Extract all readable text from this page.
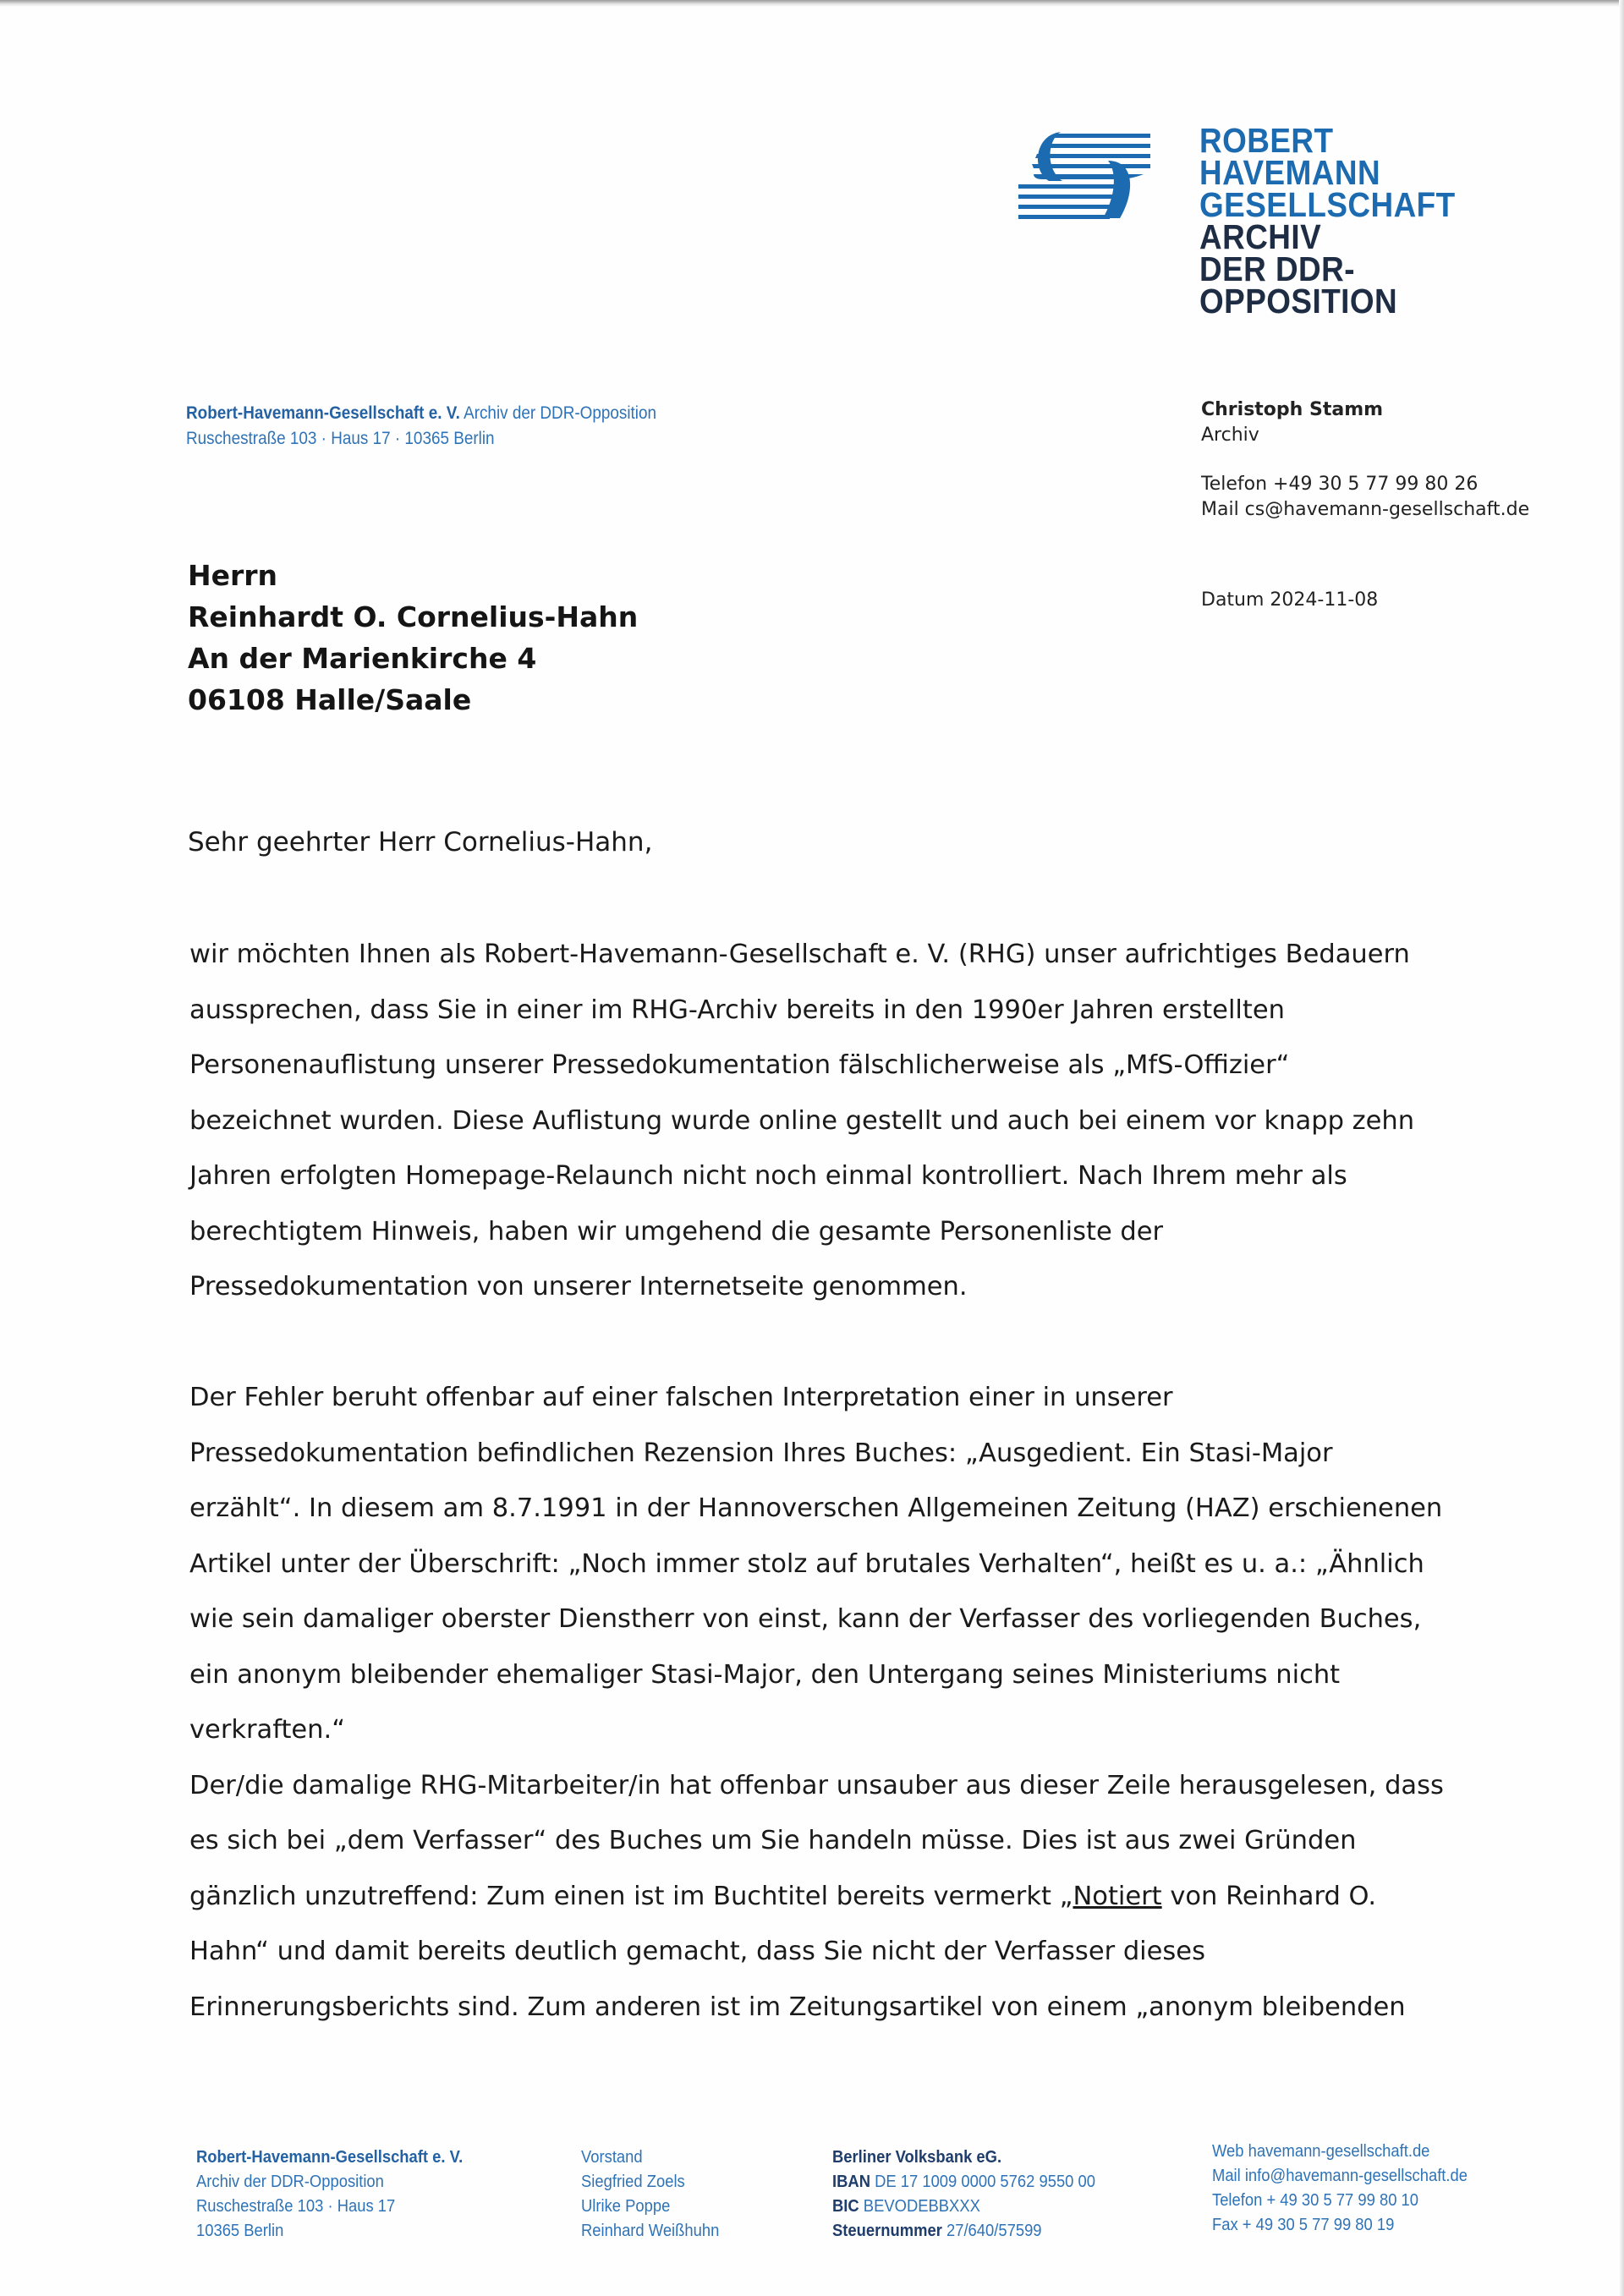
ROBERT HAVEMANN
GESELLSCHAFT ARCHIV
DER DDR-OPPOSITION
Robert-Havemann-Gesellschaft e. V. Archiv der DDR-Opposition
Ruschestraße 103 · Haus 17 · 10365 Berlin
Christoph Stamm
Archiv
Telefon +49 30 5 77 99 80 26
Mail cs@havemann-gesellschaft.de
Datum 2024-11-08
Herrn
Reinhardt O. Cornelius-Hahn
An der Marienkirche 4
06108 Halle/Saale
Sehr geehrter Herr Cornelius-Hahn,

wir möchten Ihnen als Robert-Havemann-Gesellschaft e. V. (RHG) unser aufrichtiges Bedauern

aussprechen, dass Sie in einer im RHG-Archiv bereits in den 1990er Jahren erstellten

Personenauflistung unserer Pressedokumentation fälschlicherweise als „MfS-Offizier“

bezeichnet wurden. Diese Auflistung wurde online gestellt und auch bei einem vor knapp zehn

Jahren erfolgten Homepage-Relaunch nicht noch einmal kontrolliert. Nach Ihrem mehr als

berechtigtem Hinweis, haben wir umgehend die gesamte Personenliste der

Pressedokumentation von unserer Internetseite genommen.

Der Fehler beruht offenbar auf einer falschen Interpretation einer in unserer

Pressedokumentation befindlichen Rezension Ihres Buches: „Ausgedient. Ein Stasi-Major

erzählt“. In diesem am 8.7.1991 in der Hannoverschen Allgemeinen Zeitung (HAZ) erschienenen

Artikel unter der Überschrift: „Noch immer stolz auf brutales Verhalten“, heißt es u. a.: „Ähnlich

wie sein damaliger oberster Dienstherr von einst, kann der Verfasser des vorliegenden Buches,

ein anonym bleibender ehemaliger Stasi-Major, den Untergang seines Ministeriums nicht

verkraften.“

Der/die damalige RHG-Mitarbeiter/in hat offenbar unsauber aus dieser Zeile herausgelesen, dass

es sich bei „dem Verfasser“ des Buches um Sie handeln müsse. Dies ist aus zwei Gründen

gänzlich unzutreffend: Zum einen ist im Buchtitel bereits vermerkt „Notiert von Reinhard O.

Hahn“ und damit bereits deutlich gemacht, dass Sie nicht der Verfasser dieses

Erinnerungsberichts sind. Zum anderen ist im Zeitungsartikel von einem „anonym bleibenden

Robert-Havemann-Gesellschaft e. V.
Archiv der DDR-Opposition
Ruschestraße 103 · Haus 17
10365 Berlin
Vorstand
Siegfried Zoels
Ulrike Poppe
Reinhard Weißhuhn
Berliner Volksbank eG.
IBAN DE 17 1009 0000 5762 9550 00
BIC BEVODEBBXXX
Steuernummer 27/640/57599
Web havemann-gesellschaft.de
Mail info@havemann-gesellschaft.de
Telefon + 49 30 5 77 99 80 10
Fax + 49 30 5 77 99 80 19
